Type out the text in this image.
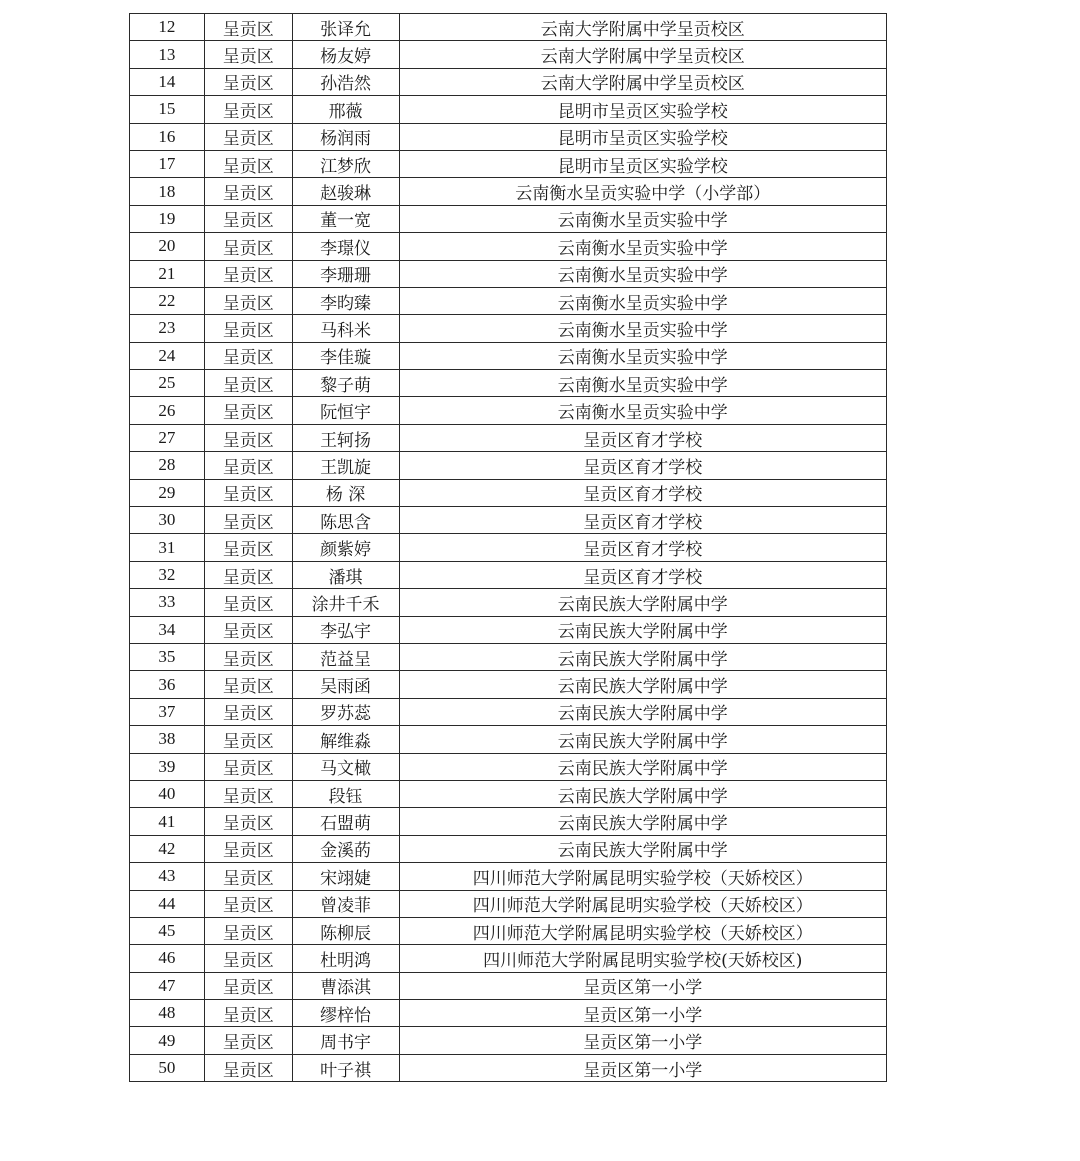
12	呈贡区	张译允	云南大学附属中学呈贡校区
13	呈贡区	杨友婷	云南大学附属中学呈贡校区
14	呈贡区	孙浩然	云南大学附属中学呈贡校区
15	呈贡区	邢薇	昆明市呈贡区实验学校
16	呈贡区	杨润雨	昆明市呈贡区实验学校
17	呈贡区	江梦欣	昆明市呈贡区实验学校
18	呈贡区	赵骏琳	云南衡水呈贡实验中学（小学部）
19	呈贡区	董一宽	云南衡水呈贡实验中学
20	呈贡区	李璟仪	云南衡水呈贡实验中学
21	呈贡区	李珊珊	云南衡水呈贡实验中学
22	呈贡区	李昀臻	云南衡水呈贡实验中学
23	呈贡区	马科米	云南衡水呈贡实验中学
24	呈贡区	李佳璇	云南衡水呈贡实验中学
25	呈贡区	黎子萌	云南衡水呈贡实验中学
26	呈贡区	阮恒宇	云南衡水呈贡实验中学
27	呈贡区	王轲扬	呈贡区育才学校
28	呈贡区	王凯旋	呈贡区育才学校
29	呈贡区	杨 深	呈贡区育才学校
30	呈贡区	陈思含	呈贡区育才学校
31	呈贡区	颜紫婷	呈贡区育才学校
32	呈贡区	潘琪	呈贡区育才学校
33	呈贡区	涂井千禾	云南民族大学附属中学
34	呈贡区	李弘宇	云南民族大学附属中学
35	呈贡区	范益呈	云南民族大学附属中学
36	呈贡区	吴雨函	云南民族大学附属中学
37	呈贡区	罗苏蕊	云南民族大学附属中学
38	呈贡区	解维淼	云南民族大学附属中学
39	呈贡区	马文橄	云南民族大学附属中学
40	呈贡区	段钰	云南民族大学附属中学
41	呈贡区	石盟萌	云南民族大学附属中学
42	呈贡区	金溪菂	云南民族大学附属中学
43	呈贡区	宋翊婕	四川师范大学附属昆明实验学校（天娇校区）
44	呈贡区	曾凌菲	四川师范大学附属昆明实验学校（天娇校区）
45	呈贡区	陈柳辰	四川师范大学附属昆明实验学校（天娇校区）
46	呈贡区	杜明鸿	四川师范大学附属昆明实验学校(天娇校区)
47	呈贡区	曹添淇	呈贡区第一小学
48	呈贡区	缪梓怡	呈贡区第一小学
49	呈贡区	周书宇	呈贡区第一小学
50	呈贡区	叶子祺	呈贡区第一小学
